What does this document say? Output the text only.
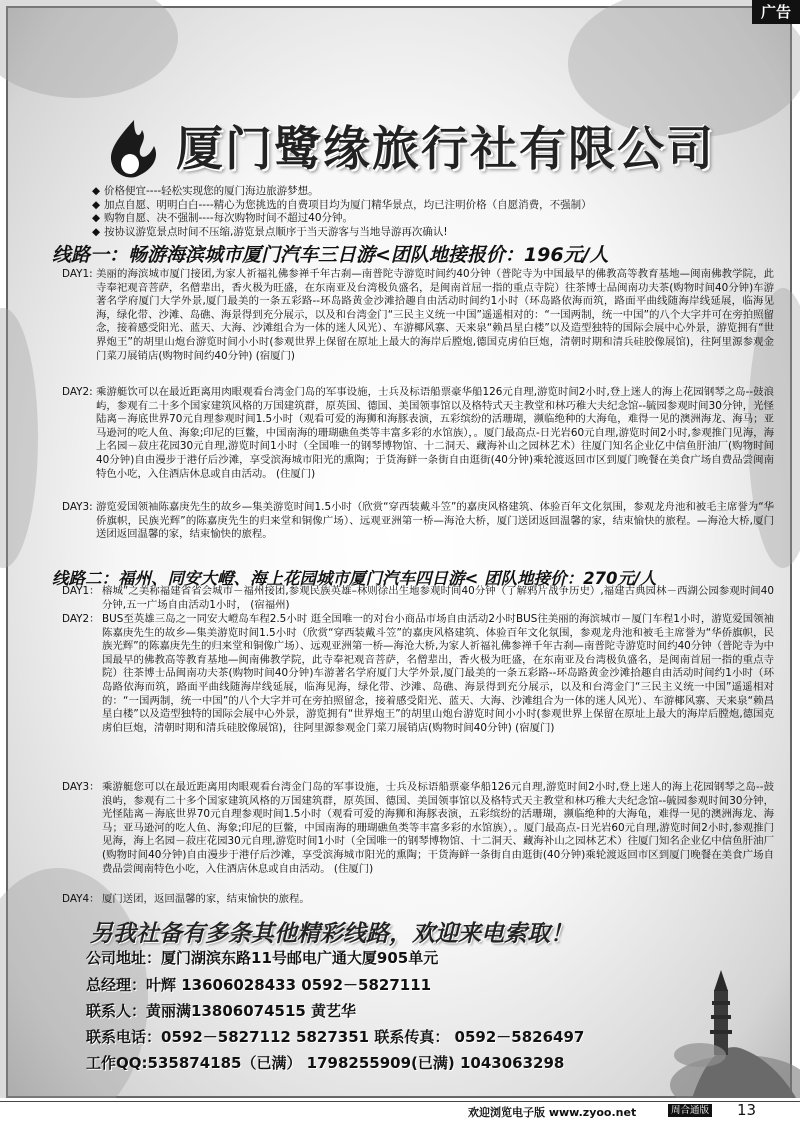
广告
厦门鹭缘旅行社有限公司
◆ 价格便宜----轻松实现您的厦门海边旅游梦想。
◆ 加点自愿、明明白白----精心为您挑选的自费项目均为厦门精华景点，均已注明价格（自愿消费，不强制）
◆ 购物自愿、决不强制----每次购物时间不超过40分钟。
◆ 按协议游览景点时间不压缩,游览景点顺序于当天游客与当地导游再次确认!
线路一：畅游海滨城市厦门汽车三日游<团队地接报价：196元/人
DAY1: 美丽的海滨城市厦门接团,为家人祈福礼佛参禅千年古刹—南普陀寺游览时间约40分钟（普陀寺为中国最早的佛教高等教育基地—闽南佛教学院，此寺奉祀观音菩萨，名僧辈出，香火极为旺盛，在东南亚及台湾极负盛名，是闽南首屈一指的重点寺院）往茶博士品闽南功夫茶(购物时间40分钟)车游著名学府厦门大学外景,厦门最美的一条五彩路--环岛路黄金沙滩拾趣自由活动时间约1小时（环岛路依海而筑，路面平曲线随海岸线延展，临海见海，绿化带、沙滩、岛礁、海景得到充分展示，以及和台湾金门“三民主义统一中国”遥遥相对的：“一国两制，统一中国”的八个大字并可在旁拍照留念，接着感受阳光、蓝天、大海、沙滩组合为一体的迷人风光）、车游椰风寨、天来泉“赖昌星白楼”以及造型独特的国际会展中心外景，游览拥有“世界炮王”的胡里山炮台游览时间小小时(参观世界上保留在原址上最大的海岸后膛炮,德国克虏伯巨炮，清朝时期和清兵硅胶像展馆)，往阿里源参观金门菜刀展销店(购物时间约40分钟) (宿厦门)
DAY2: 乘游艇饮可以在最近距离用肉眼观看台湾金门岛的军事设施，士兵及标语船票豪华船126元自理,游览时间2小时,登上迷人的海上花园钢琴之岛--鼓浪屿，参观有二十多个国家建筑风格的万国建筑群，原英国、德国、美国领事馆以及格特式天主教堂和林巧稚大夫纪念馆--毓园参观时间30分钟，光怪陆离－海底世界70元自理参观时间1.5小时（观看可爱的海狮和海豚表演，五彩缤纷的活珊瑚，濒临绝种的大海龟，难得一见的澳洲海龙、海马；亚马逊河的吃人鱼、海象;印尼的巨鳖，中国南海的珊瑚礁鱼类等丰富多彩的水馆族），。厦门最高点-日光岩60元自理,游览时间2小时,参观推门见海，海上名园－菽庄花园30元自理,游览时间1小时（全国唯一的钢琴博物馆、十二洞天、藏海补山之园林艺术）往厦门知名企业亿中信鱼肝油厂(购物时间40分钟)自由漫步于港仔后沙滩，享受滨海城市阳光的熏陶；于货海鲜一条街自由逛街(40分钟)乘轮渡返回市区到厦门晚餐在美食广场自费品尝闽南特色小吃，入住酒店休息或自由活动。 (住厦门)
DAY3: 游览爱国领袖陈嘉庚先生的故乡—集美游览时间1.5小时（欣赏“穿西装戴斗笠”的嘉庚风格建筑、体验百年文化氛围，参观龙舟池和被毛主席誉为“华侨旗帜，民族光辉”的陈嘉庚先生的归来堂和铜像广场）、远观亚洲第一桥—海沧大桥，厦门送团返回温馨的家，结束愉快的旅程。—海沧大桥,厦门送团返回温馨的家，结束愉快的旅程。
线路二：福州、同安大嶝、海上花园城市厦门汽车四日游< 团队地接价：270元/人
DAY1： 榕城”之美称福建省省会城市－福州接团,参观民族英雄–林则徐出生地参观时间40分钟（了解鸦片战争历史）,福建古典园林－西湖公园参观时间40分钟,五一广场自由活动1小时， (宿福州)
DAY2： BUS至英雄三岛之一同安大嶝岛车程2.5小时 逛全国唯一的对台小商品市场自由活动2小时BUS往美丽的海滨城市－厦门车程1小时，游览爱国领袖陈嘉庚先生的故乡—集美游览时间1.5小时（欣赏“穿西装戴斗笠”的嘉庚风格建筑、体验百年文化氛围，参观龙舟池和被毛主席誉为“华侨旗帜，民族光辉”的陈嘉庚先生的归来堂和铜像广场）、远观亚洲第一桥—海沧大桥,为家人祈福礼佛参禅千年古刹—南普陀寺游览时间约40分钟（普陀寺为中国最早的佛教高等教育基地—闽南佛教学院，此寺奉祀观音菩萨，名僧辈出，香火极为旺盛，在东南亚及台湾极负盛名，是闽南首屈一指的重点寺院）往茶博士品闽南功夫茶(购物时间40分钟)车游著名学府厦门大学外景,厦门最美的一条五彩路--环岛路黄金沙滩拾趣自由活动时间约1小时（环岛路依海而筑，路面平曲线随海岸线延展，临海见海，绿化带、沙滩、岛礁、海景得到充分展示，以及和台湾金门“三民主义统一中国”遥遥相对的：“一国两制，统一中国”的八个大字并可在旁拍照留念，接着感受阳光、蓝天、大海、沙滩组合为一体的迷人风光）、车游椰风寨、天来泉“赖昌星白楼”以及造型独特的国际会展中心外景，游览拥有“世界炮王”的胡里山炮台游览时间小小时(参观世界上保留在原址上最大的海岸后膛炮,德国克虏伯巨炮，清朝时期和清兵硅胶像展馆)，往阿里源参观金门菜刀展销店(购物时间40分钟) (宿厦门)
DAY3： 乘游艇您可以在最近距离用肉眼观看台湾金门岛的军事设施，士兵及标语船票豪华船126元自理,游览时间2小时,登上迷人的海上花园钢琴之岛--鼓浪屿，参观有二十多个国家建筑风格的万国建筑群，原英国、德国、美国领事馆以及格特式天主教堂和林巧稚大夫纪念馆--毓园参观时间30分钟，光怪陆离－海底世界70元自理参观时间1.5小时（观看可爱的海狮和海豚表演，五彩缤纷的活珊瑚，濒临绝种的大海龟，难得一见的澳洲海龙、海马；亚马逊河的吃人鱼、海象;印尼的巨鳖，中国南海的珊瑚礁鱼类等丰富多彩的水馆族），。厦门最高点-日光岩60元自理,游览时间2小时,参观推门见海，海上名园－菽庄花园30元自理,游览时间1小时（全国唯一的钢琴博物馆、十二洞天、藏海补山之园林艺术）往厦门知名企业亿中信鱼肝油厂(购物时间40分钟)自由漫步于港仔后沙滩，享受滨海城市阳光的熏陶；干货海鲜一条街自由逛街(40分钟)乘轮渡返回市区到厦门晚餐在美食广场自费品尝闽南特色小吃，入住酒店休息或自由活动。 (住厦门)
DAY4： 厦门送团，返回温馨的家，结束愉快的旅程。
另我社备有多条其他精彩线路，欢迎来电索取！
公司地址：厦门湖滨东路11号邮电广通大厦905单元
总经理：叶辉 13606028433 0592－5827111
联系人：黄丽满13806074515 黄艺华
联系电话：0592－5827112 5827351 联系传真： 0592－5826497
工作QQ:535874185（已满） 1798255909(已满) 1043063298
欢迎浏览电子版 www.zyoo.net	周合通版 13
